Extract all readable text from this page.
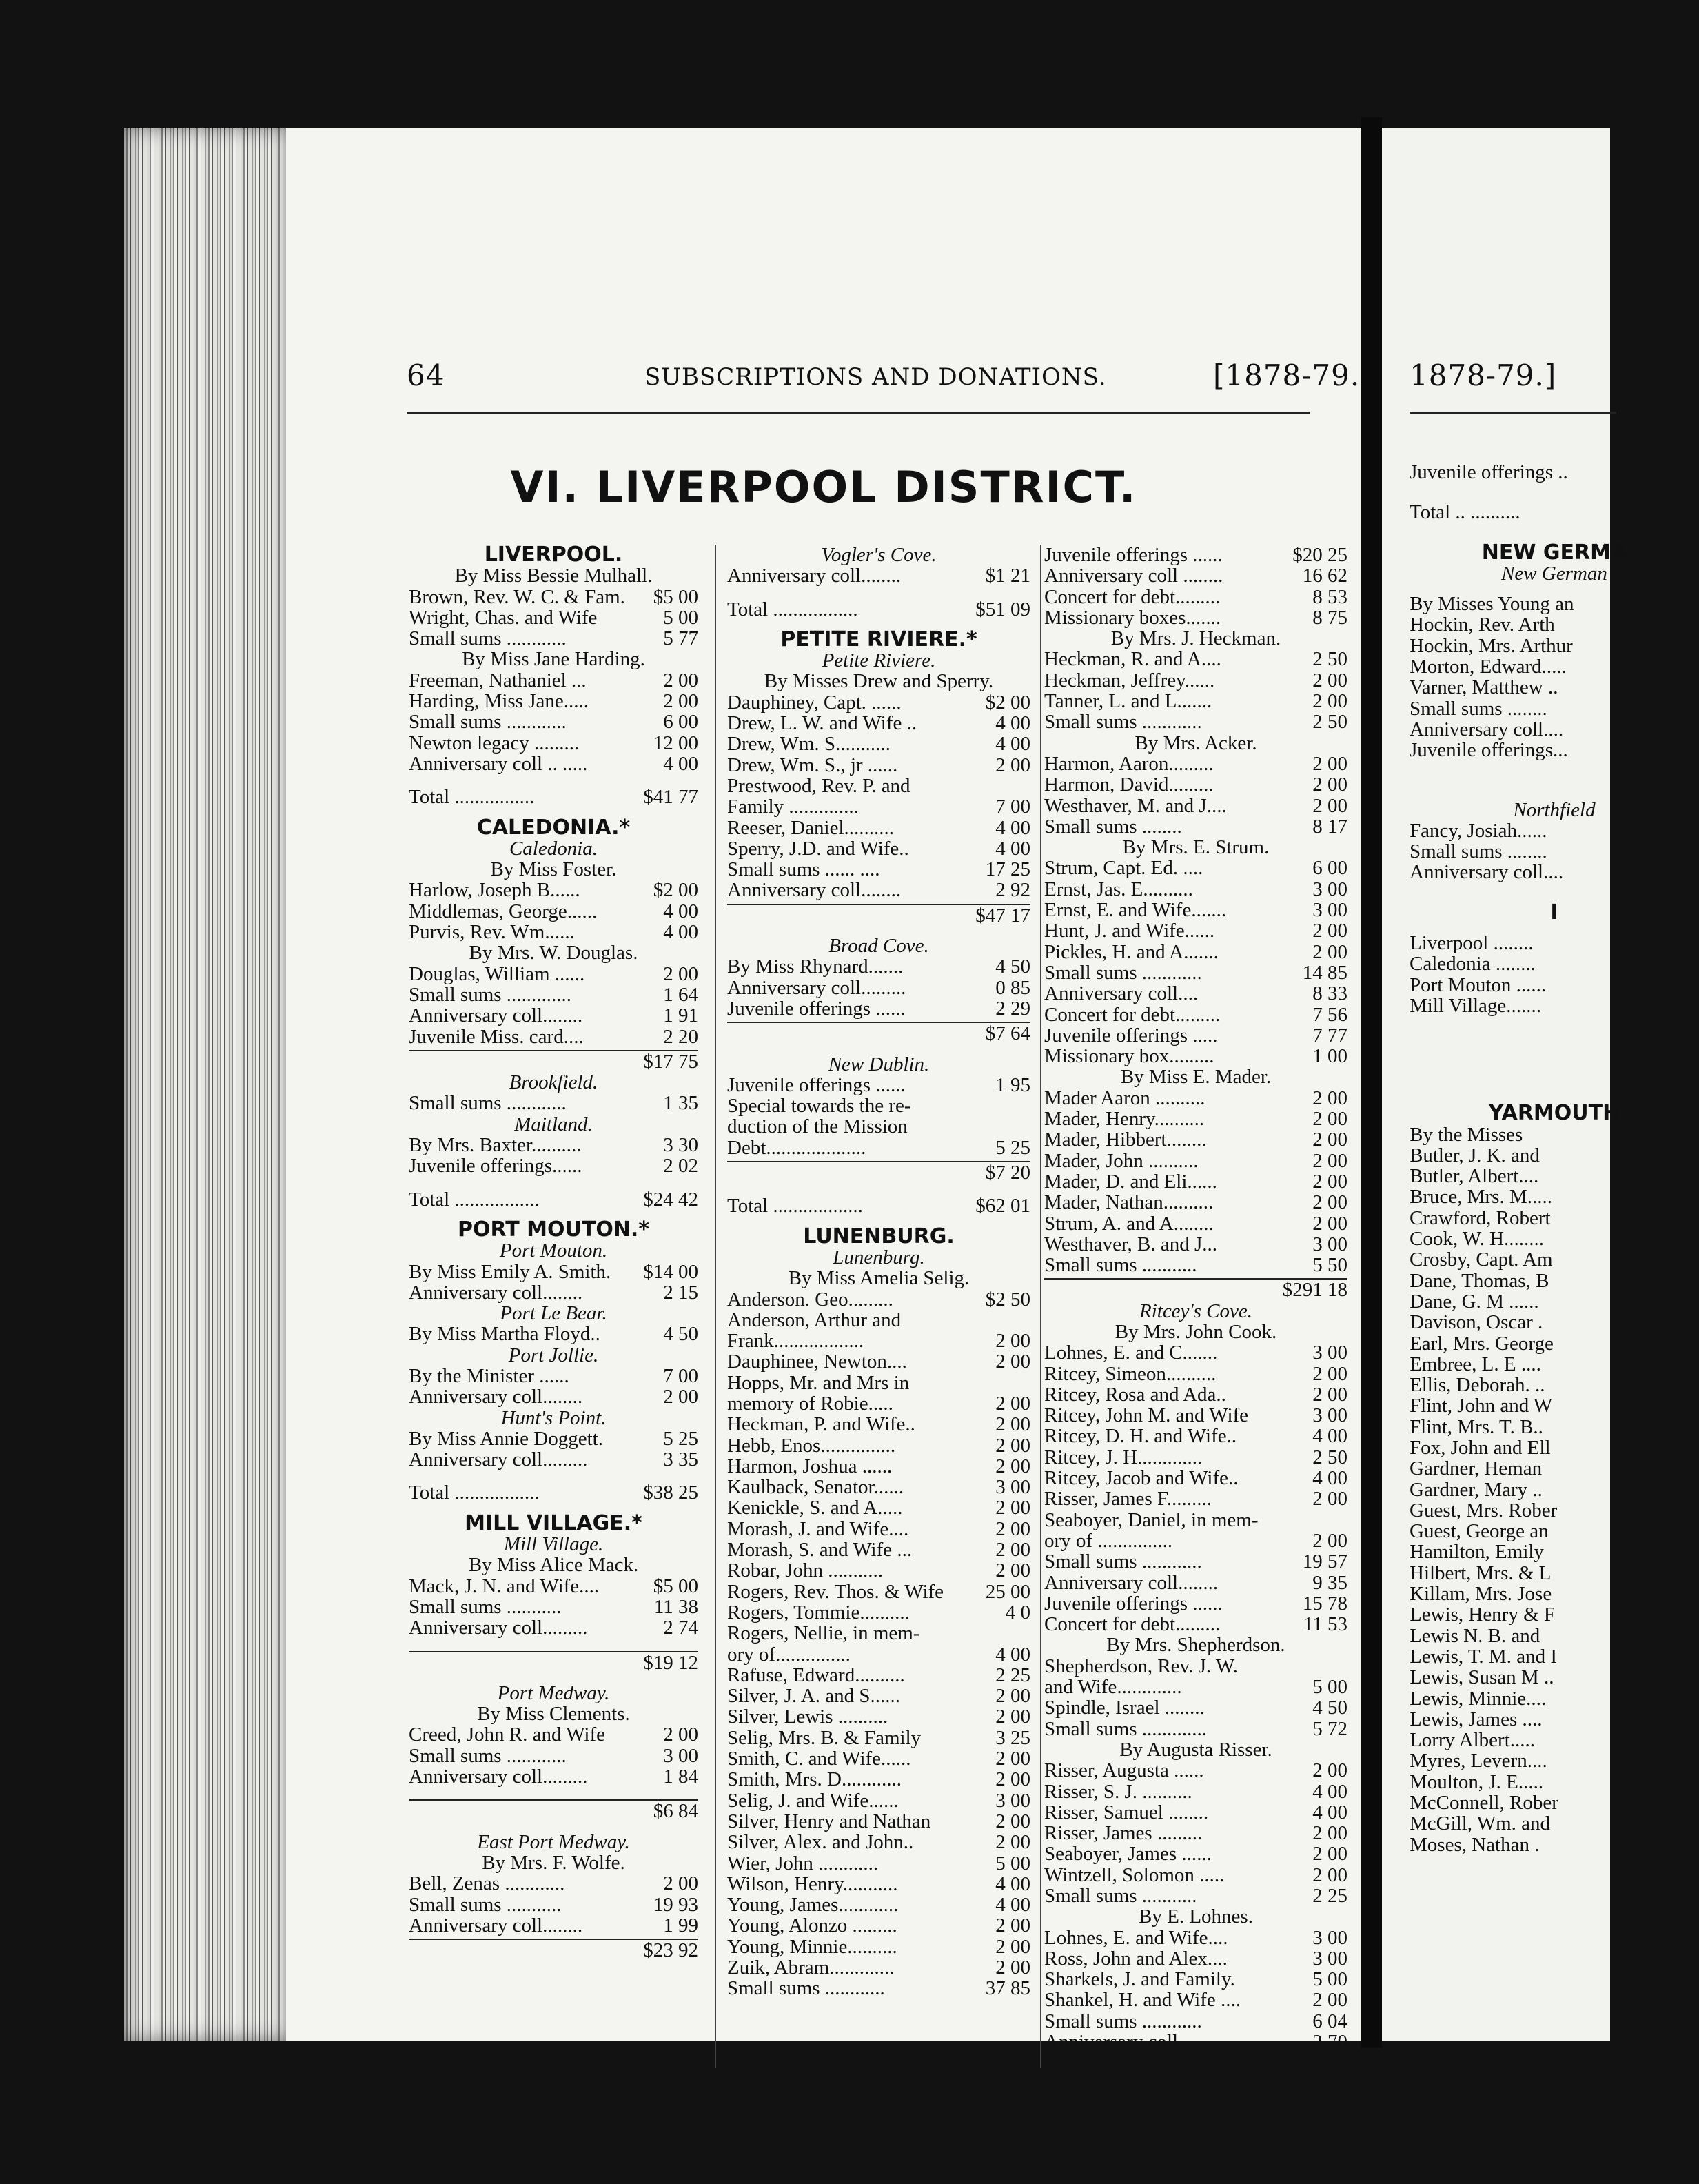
64	SUBSCRIPTIONS AND DONATIONS.	[1878-79.
VI. LIVERPOOL DISTRICT.
LIVERPOOL.
By Miss Bessie Mulhall.
Brown, Rev. W. C. & Fam.	$5 00
Wright, Chas. and Wife	5 00
Small sums ............	5 77
By Miss Jane Harding.
Freeman, Nathaniel ...	2 00
Harding, Miss Jane.....	2 00
Small sums ............	6 00
Newton legacy .........	12 00
Anniversary coll .. .....	4 00
Total ................	$41 77
CALEDONIA.*
Caledonia.
By Miss Foster.
Harlow, Joseph B......	$2 00
Middlemas, George......	4 00
Purvis, Rev. Wm......	4 00
By Mrs. W. Douglas.
Douglas, William ......	2 00
Small sums .............	1 64
Anniversary coll........	1 91
Juvenile Miss. card....	2 20
$17 75
Brookfield.
Small sums ............	1 35
Maitland.
By Mrs. Baxter..........	3 30
Juvenile offerings......	2 02
Total .................	$24 42
PORT MOUTON.*
Port Mouton.
By Miss Emily A. Smith.	$14 00
Anniversary coll........	2 15
Port Le Bear.
By Miss Martha Floyd..	4 50
Port Jollie.
By the Minister ......	7 00
Anniversary coll........	2 00
Hunt's Point.
By Miss Annie Doggett.	5 25
Anniversary coll.........	3 35
Total .................	$38 25
MILL VILLAGE.*
Mill Village.
By Miss Alice Mack.
Mack, J. N. and Wife....	$5 00
Small sums ...........	11 38
Anniversary coll.........	2 74
$19 12
Port Medway.
By Miss Clements.
Creed, John R. and Wife	2 00
Small sums ............	3 00
Anniversary coll.........	1 84
$6 84
East Port Medway.
By Mrs. F. Wolfe.
Bell, Zenas ............	2 00
Small sums ...........	19 93
Anniversary coll........	1 99
$23 92
Vogler's Cove.
Anniversary coll........	$1 21
Total .................	$51 09
PETITE RIVIERE.*
Petite Riviere.
By Misses Drew and Sperry.
Dauphiney, Capt. ......	$2 00
Drew, L. W. and Wife ..	4 00
Drew, Wm. S...........	4 00
Drew, Wm. S., jr ......	2 00
Prestwood, Rev. P. and
Family ..............	7 00
Reeser, Daniel..........	4 00
Sperry, J.D. and Wife..	4 00
Small sums ...... ....	17 25
Anniversary coll........	2 92
$47 17
Broad Cove.
By Miss Rhynard.......	4 50
Anniversary coll.........	0 85
Juvenile offerings ......	2 29
$7 64
New Dublin.
Juvenile offerings ......	1 95
Special towards the re-
duction of the Mission
Debt....................	5 25
$7 20
Total ..................	$62 01
LUNENBURG.
Lunenburg.
By Miss Amelia Selig.
Anderson. Geo.........	$2 50
Anderson, Arthur and
Frank..................	2 00
Dauphinee, Newton....	2 00
Hopps, Mr. and Mrs in
memory of Robie.....	2 00
Heckman, P. and Wife..	2 00
Hebb, Enos...............	2 00
Harmon, Joshua ......	2 00
Kaulback, Senator......	3 00
Kenickle, S. and A.....	2 00
Morash, J. and Wife....	2 00
Morash, S. and Wife ...	2 00
Robar, John ...........	2 00
Rogers, Rev. Thos. & Wife	25 00
Rogers, Tommie..........	4 0
Rogers, Nellie, in mem-
ory of...............	4 00
Rafuse, Edward..........	2 25
Silver, J. A. and S......	2 00
Silver, Lewis ..........	2 00
Selig, Mrs. B. & Family	3 25
Smith, C. and Wife......	2 00
Smith, Mrs. D............	2 00
Selig, J. and Wife......	3 00
Silver, Henry and Nathan	2 00
Silver, Alex. and John..	2 00
Wier, John ............	5 00
Wilson, Henry...........	4 00
Young, James............	4 00
Young, Alonzo .........	2 00
Young, Minnie..........	2 00
Zuik, Abram.............	2 00
Small sums ............	37 85
Juvenile offerings ......	$20 25
Anniversary coll ........	16 62
Concert for debt.........	8 53
Missionary boxes.......	8 75
By Mrs. J. Heckman.
Heckman, R. and A....	2 50
Heckman, Jeffrey......	2 00
Tanner, L. and L.......	2 00
Small sums ............	2 50
By Mrs. Acker.
Harmon, Aaron.........	2 00
Harmon, David.........	2 00
Westhaver, M. and J....	2 00
Small sums ........	8 17
By Mrs. E. Strum.
Strum, Capt. Ed. ....	6 00
Ernst, Jas. E..........	3 00
Ernst, E. and Wife.......	3 00
Hunt, J. and Wife......	2 00
Pickles, H. and A.......	2 00
Small sums ............	14 85
Anniversary coll....	8 33
Concert for debt.........	7 56
Juvenile offerings .....	7 77
Missionary box.........	1 00
By Miss E. Mader.
Mader Aaron ..........	2 00
Mader, Henry..........	2 00
Mader, Hibbert........	2 00
Mader, John ..........	2 00
Mader, D. and Eli......	2 00
Mader, Nathan..........	2 00
Strum, A. and A........	2 00
Westhaver, B. and J...	3 00
Small sums ...........	5 50
$291 18
Ritcey's Cove.
By Mrs. John Cook.
Lohnes, E. and C.......	3 00
Ritcey, Simeon..........	2 00
Ritcey, Rosa and Ada..	2 00
Ritcey, John M. and Wife	3 00
Ritcey, D. H. and Wife..	4 00
Ritcey, J. H.............	2 50
Ritcey, Jacob and Wife..	4 00
Risser, James F.........	2 00
Seaboyer, Daniel, in mem-
ory of ...............	2 00
Small sums ............	19 57
Anniversary coll........	9 35
Juvenile offerings ......	15 78
Concert for debt.........	11 53
By Mrs. Shepherdson.
Shepherdson, Rev. J. W.
and Wife.............	5 00
Spindle, Israel ........	4 50
Small sums .............	5 72
By Augusta Risser.
Risser, Augusta ......	2 00
Risser, S. J. ..........	4 00
Risser, Samuel ........	4 00
Risser, James .........	2 00
Seaboyer, James ......	2 00
Wintzell, Solomon .....	2 00
Small sums ...........	2 25
By E. Lohnes.
Lohnes, E. and Wife....	3 00
Ross, John and Alex....	3 00
Sharkels, J. and Family.	5 00
Shankel, H. and Wife ....	2 00
Small sums ............	6 04
Anniversary coll........	2 70
1878-79.]
Juvenile offerings ..
Total .. ..........
NEW GERMA
New German
By Misses Young an
Hockin, Rev. Arth
Hockin, Mrs. Arthur
Morton, Edward.....
Varner, Matthew ..
Small sums ........
Anniversary coll....
Juvenile offerings...
Northfield
Fancy, Josiah......
Small sums ........
Anniversary coll....
I
Liverpool ........
Caledonia ........
Port Mouton ......
Mill Village.......
YARMOUTH
By the Misses
Butler, J. K. and
Butler, Albert....
Bruce, Mrs. M.....
Crawford, Robert
Cook, W. H........
Crosby, Capt. Am
Dane, Thomas, B
Dane, G. M ......
Davison, Oscar .
Earl, Mrs. George
Embree, L. E ....
Ellis, Deborah. ..
Flint, John and W
Flint, Mrs. T. B..
Fox, John and Ell
Gardner, Heman
Gardner, Mary ..
Guest, Mrs. Rober
Guest, George an
Hamilton, Emily
Hilbert, Mrs. & L
Killam, Mrs. Jose
Lewis, Henry & F
Lewis N. B. and
Lewis, T. M. and I
Lewis, Susan M ..
Lewis, Minnie....
Lewis, James ....
Lorry Albert.....
Myres, Levern....
Moulton, J. E.....
McConnell, Rober
McGill, Wm. and
Moses, Nathan .
